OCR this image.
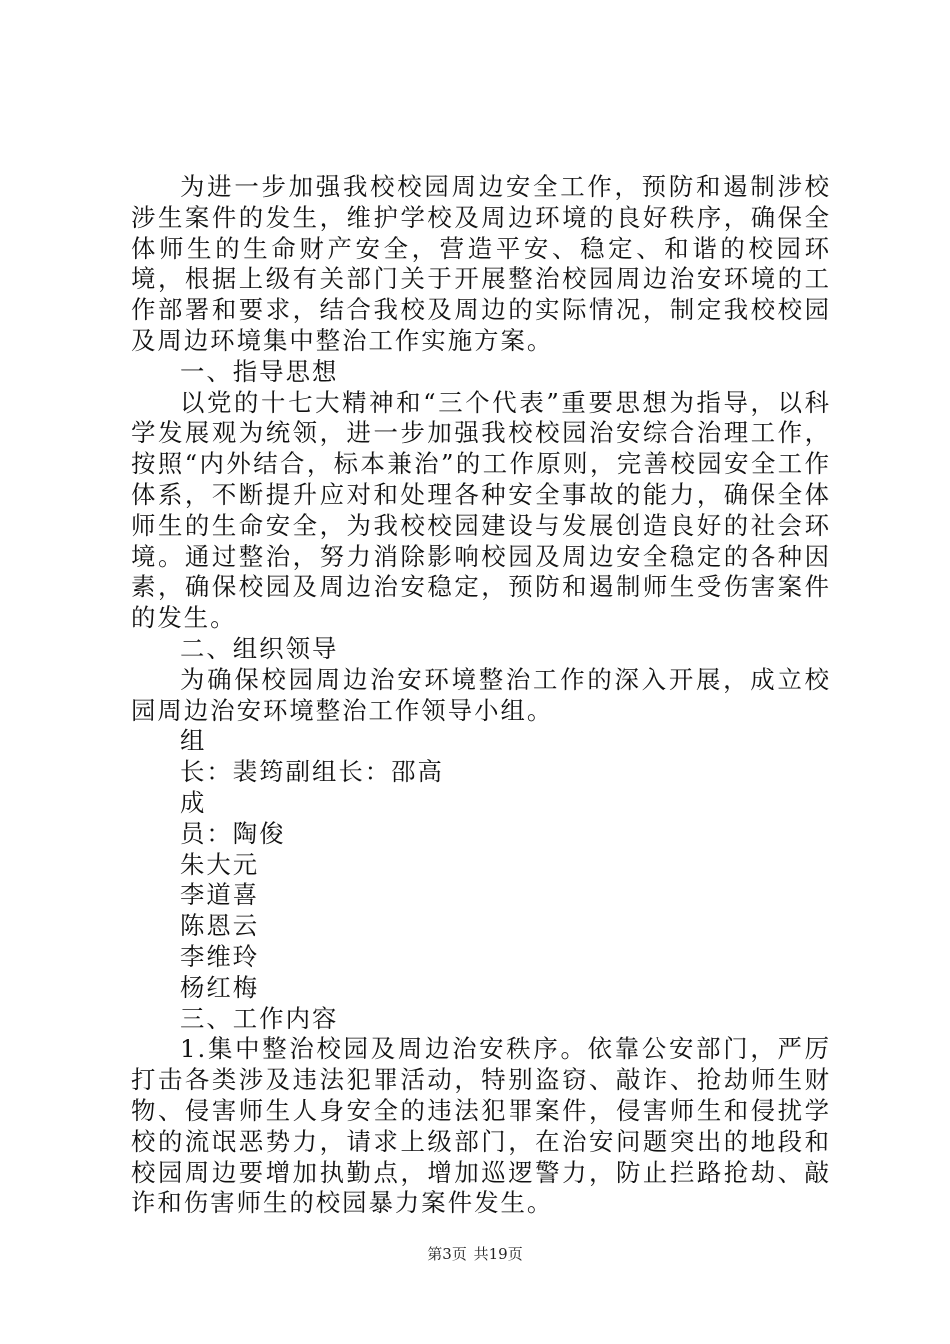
为进一步加强我校校园周边安全工作，预防和遏制涉校涉生案件的发生，维护学校及周边环境的良好秩序，确保全体师生的生命财产安全，营造平安、稳定、和谐的校园环境，根据上级有关部门关于开展整治校园周边治安环境的工作部署和要求，结合我校及周边的实际情况，制定我校校园及周边环境集中整治工作实施方案。

一、指导思想

以党的十七大精神和“三个代表”重要思想为指导，以科学发展观为统领，进一步加强我校校园治安综合治理工作，按照“内外结合，标本兼治”的工作原则，完善校园安全工作体系，不断提升应对和处理各种安全事故的能力，确保全体师生的生命安全，为我校校园建设与发展创造良好的社会环境。通过整治，努力消除影响校园及周边安全稳定的各种因素，确保校园及周边治安稳定，预防和遏制师生受伤害案件的发生。

二、组织领导

为确保校园周边治安环境整治工作的深入开展，成立校园周边治安环境整治工作领导小组。

组

长：裴筠副组长：邵高

成

员：陶俊

朱大元

李道喜

陈恩云

李维玲

杨红梅

三、工作内容

1.集中整治校园及周边治安秩序。依靠公安部门，严厉打击各类涉及违法犯罪活动，特别盗窃、敲诈、抢劫师生财物、侵害师生人身安全的违法犯罪案件，侵害师生和侵扰学校的流氓恶势力，请求上级部门，在治安问题突出的地段和校园周边要增加执勤点，增加巡逻警力，防止拦路抢劫、敲诈和伤害师生的校园暴力案件发生。

第3页 共19页
